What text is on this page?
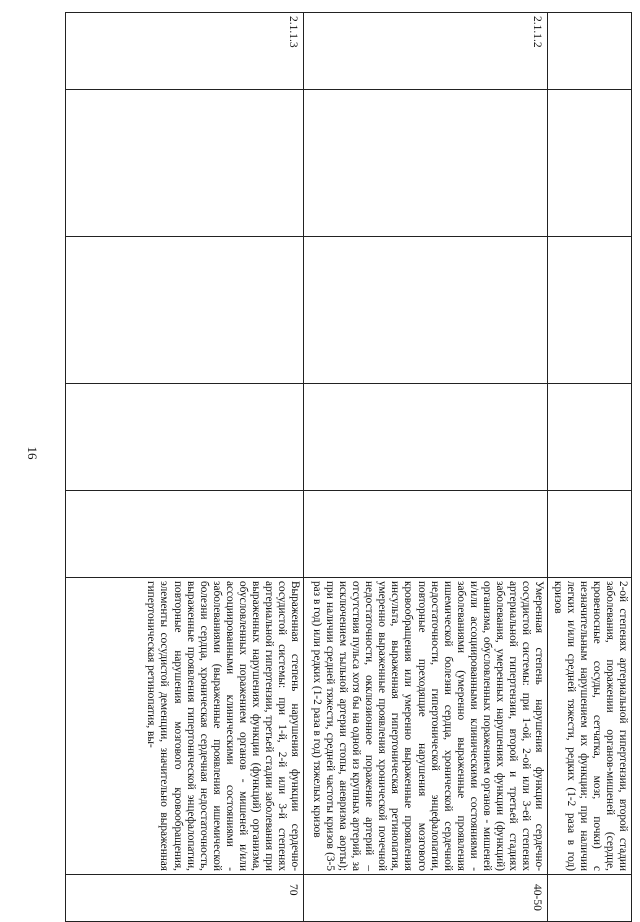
16

					2-ой степенях артериальной гипертензии, второй стадии заболевания, поражении органов-мишеней (сердце, кровеносные сосуды, сетчатка, мозг, почки) с незначительным нарушением их функции; при наличии легких и/или средней тяжести, редких (1-2 раза в год) кризов	

2.1.1.2					Умеренная степень нарушения функции сердечно-сосудистой системы: при 1-ой, 2-ой или 3-ей степенях артериальной гипертензии, второй и третьей стадиях заболевания, умеренных нарушениях функции (функций) организма, обусловленных поражением органов - мишеней и/или ассоциированными клиническими состояниями - заболеваниями (умеренно выраженные проявления ишемической болезни сердца, хронической сердечной недостаточности, гипертонической энцефалопатии, повторные преходящие нарушения мозгового кровообращения или умеренно выраженные проявления инсульта, выраженная гипертоническая ретинопатия, умеренно выраженные проявления хронической почечной недостаточности, окклюзионное поражение артерий – отсутствия пульса хотя бы на одной из крупных артерий, за исключением тыльной артерии стопы, аневризма аорты); при наличии средней тяжести, средней частоты кризов (3-5 раз в год) или редких (1-2 раза в год) тяжелых кризов	40-50

2.1.1.3					Выраженная степень нарушения функции сердечно-сосудистой системы: при 1-й, 2-й или 3-й степенях артериальной гипертензии, третьей стадии заболевания при выраженных нарушениях функции (функций) организма, обусловленных поражением органов - мишеней и/или ассоциированными клиническими состояниями - заболеваниями (выраженные проявления ишемической болезни сердца, хроническая сердечная недостаточность, выраженные проявления гипертонической энцефалопатии, повторные нарушения мозгового кровообращения, элементы сосудистой деменции, значительно выраженная гипертоническая ретинопатия, вы-	70
